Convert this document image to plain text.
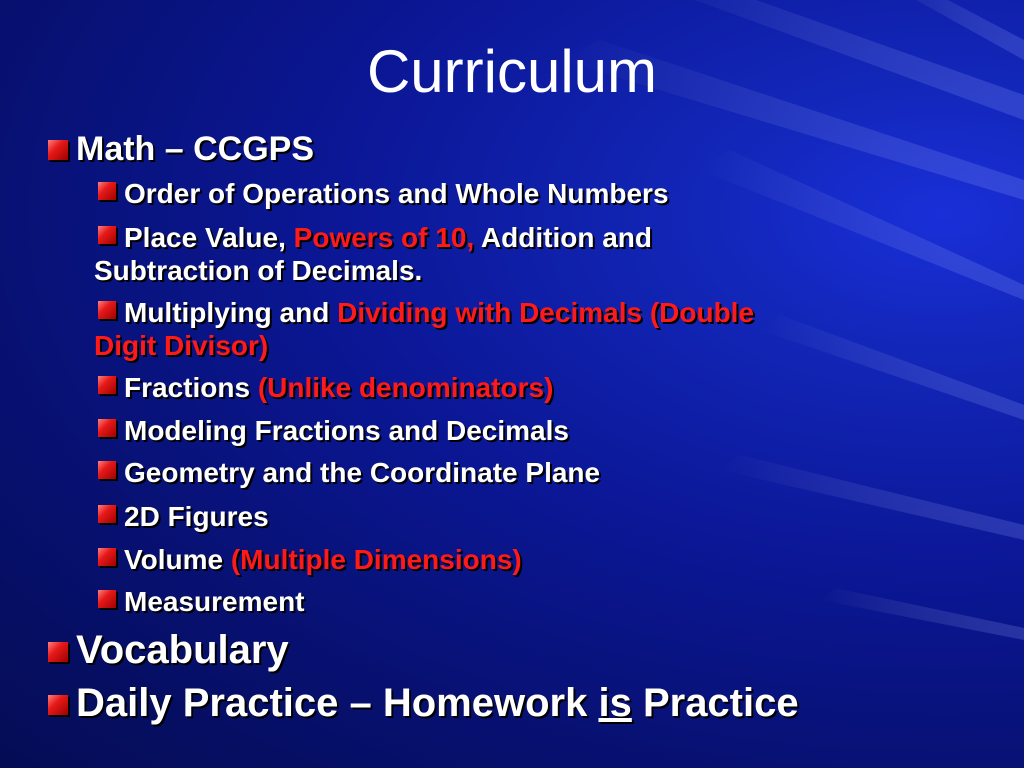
Curriculum
Math – CCGPS
Order of Operations and Whole Numbers
Place Value, Powers of 10, Addition and
Subtraction of Decimals.
Multiplying and Dividing with Decimals (Double
Digit Divisor)
Fractions (Unlike denominators)
Modeling Fractions and Decimals
Geometry and the Coordinate Plane
2D Figures
Volume (Multiple Dimensions)
Measurement
Vocabulary
Daily Practice – Homework is Practice
